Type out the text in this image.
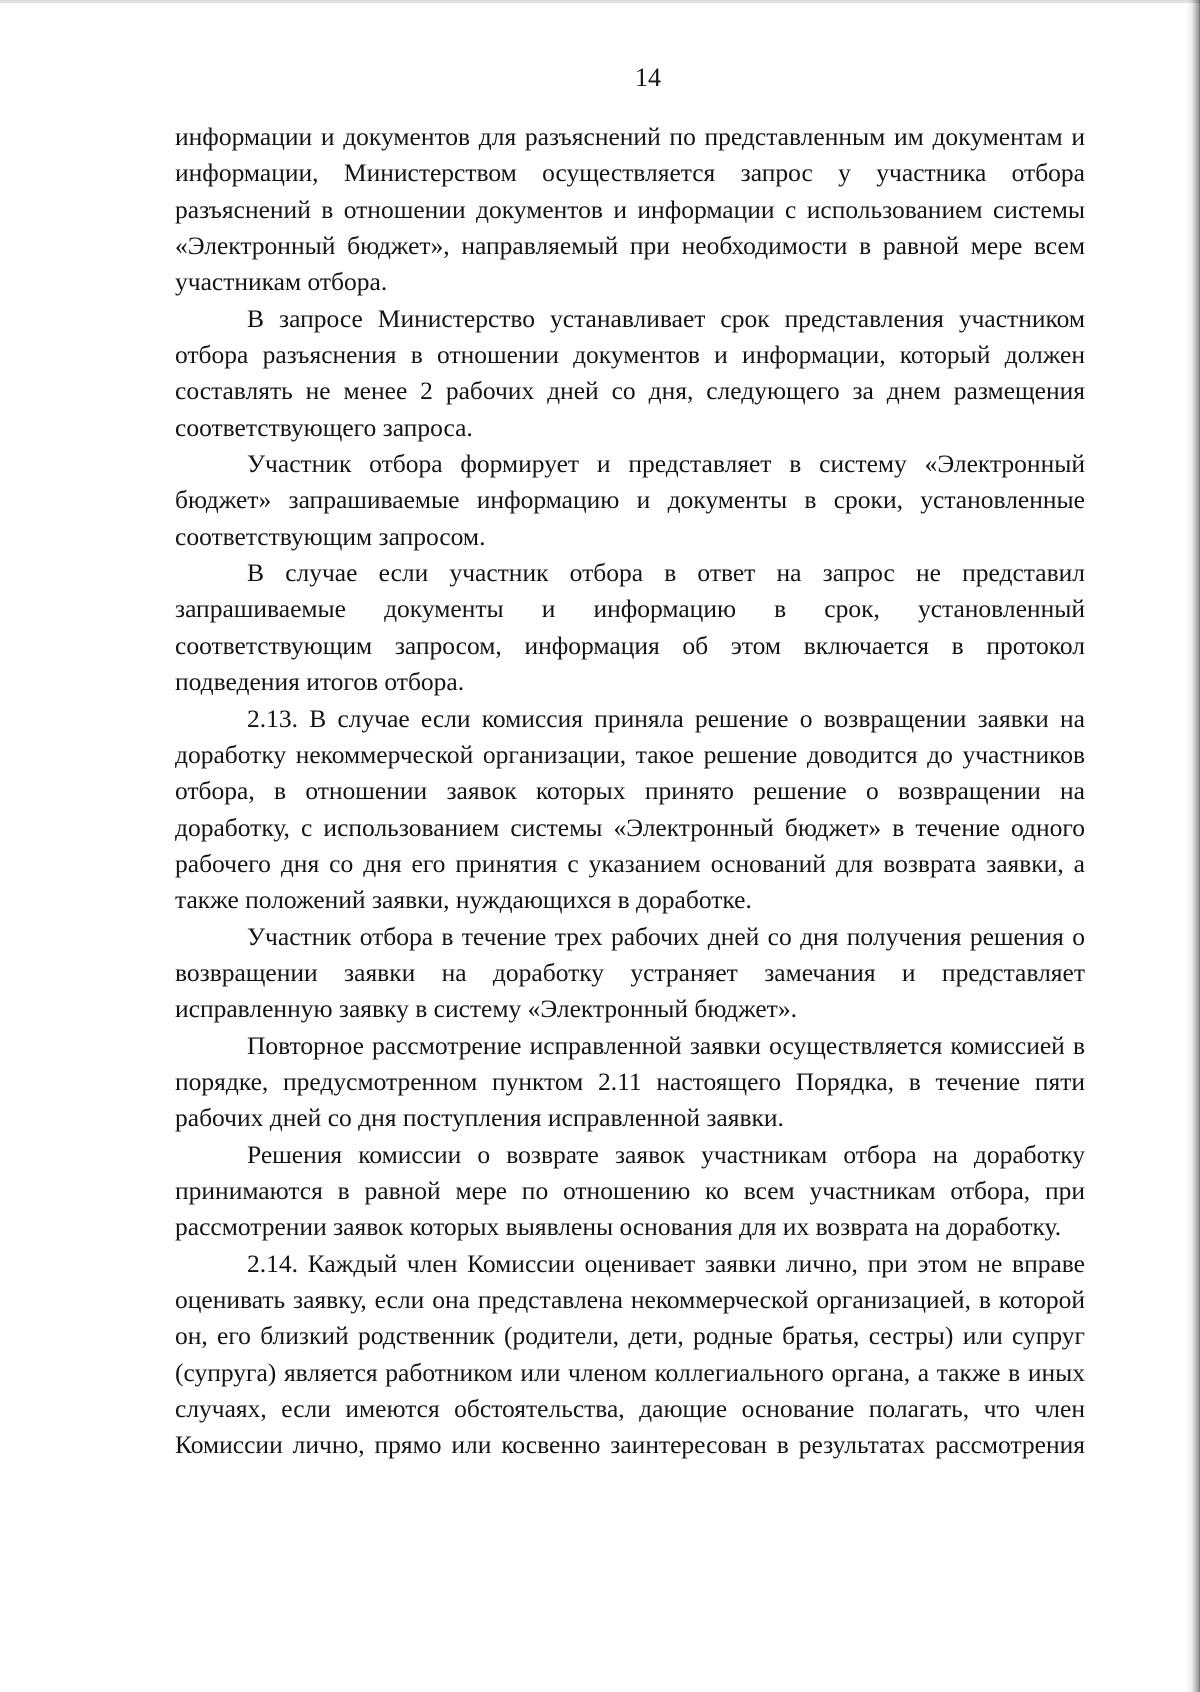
14

информации и документов для разъяснений по представленным им документам и информации, Министерством осуществляется запрос у участника отбора разъяснений в отношении документов и информации с использованием системы «Электронный бюджет», направляемый при необходимости в равной мере всем участникам отбора.

В запросе Министерство устанавливает срок представления участником отбора разъяснения в отношении документов и информации, который должен составлять не менее 2 рабочих дней со дня, следующего за днем размещения соответствующего запроса.

Участник отбора формирует и представляет в систему «Электронный бюджет» запрашиваемые информацию и документы в сроки, установленные соответствующим запросом.

В случае если участник отбора в ответ на запрос не представил запрашиваемые документы и информацию в срок, установленный соответствующим запросом, информация об этом включается в протокол подведения итогов отбора.

2.13. В случае если комиссия приняла решение о возвращении заявки на доработку некоммерческой организации, такое решение доводится до участников отбора, в отношении заявок которых принято решение о возвращении на доработку, с использованием системы «Электронный бюджет» в течение одного рабочего дня со дня его принятия с указанием оснований для возврата заявки, а также положений заявки, нуждающихся в доработке.

Участник отбора в течение трех рабочих дней со дня получения решения о возвращении заявки на доработку устраняет замечания и представляет исправленную заявку в систему «Электронный бюджет».

Повторное рассмотрение исправленной заявки осуществляется комиссией в порядке, предусмотренном пунктом 2.11 настоящего Порядка, в течение пяти рабочих дней со дня поступления исправленной заявки.

Решения комиссии о возврате заявок участникам отбора на доработку принимаются в равной мере по отношению ко всем участникам отбора, при рассмотрении заявок которых выявлены основания для их возврата на доработку.

2.14. Каждый член Комиссии оценивает заявки лично, при этом не вправе оценивать заявку, если она представлена некоммерческой организацией, в которой он, его близкий родственник (родители, дети, родные братья, сестры) или супруг (супруга) является работником или членом коллегиального органа, а также в иных случаях, если имеются обстоятельства, дающие основание полагать, что член Комиссии лично, прямо или косвенно заинтересован в результатах рассмотрения
